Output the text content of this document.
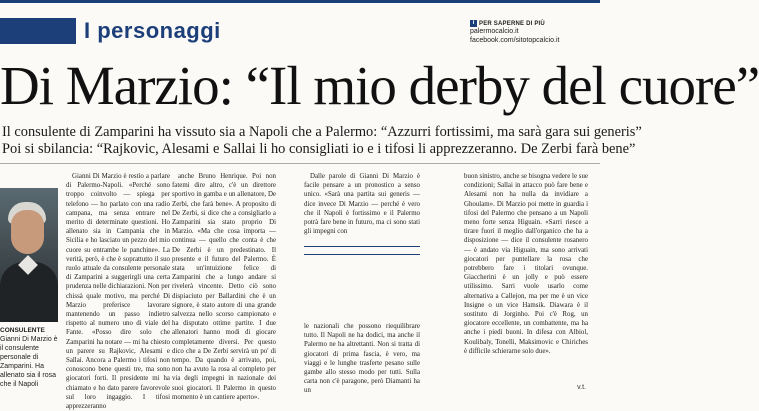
I personaggi	i PER SAPERNE DI PIÙ
palermocalcio.it
facebook.com/sitotopcalcio.it
Di Marzio: “Il mio derby del cuore”
Il consulente di Zamparini ha vissuto sia a Napoli che a Palermo: “Azzurri fortissimi, ma sarà gara sui generis”
Poi si sbilancia: “Rajkovic, Alesami e Sallai li ho consigliati io e i tifosi li apprezzeranno. De Zerbi farà bene”
CONSULENTE
Gianni Di Marzio è il consulente personale di Zamparini. Ha allenato sia il rosa che il Napoli

Gianni Di Marzio è restìo a parlare di Palermo-Napoli. «Perché sono troppo coinvolto — spiega per telefono — ho parlato con una radio campana, ma senza entrare nel merito di determinate questioni. Ho allenato sia in Campania che in Sicilia e ho lasciato un pezzo del mio cuore su entrambe le panchine». La verità, però, è che è soprattutto il suo ruolo attuale da consulente personale di Zamparini a suggerirgli una certa prudenza nelle dichiarazioni. Non per chissà quale motivo, ma perché Di Marzio preferisce lavorare mantenendo un passo indietro rispetto al numero uno di viale del Fante. «Posso dire solo che Zamparini ha notare — mi ha chiesto un parere su Rajkovic, Alesami e Sallai. Ancora a Palermo i tifosi non conoscono bene questi tre, ma sono giocatori forti. Il presidente mi ha chiamato e ho dato parere favorevole sul loro ingaggio. I tifosi apprezzeranno

anche Bruno Henrique. Poi non fatemi dire altro, c'è un direttore sportivo in gamba e un allenatore, De Zerbi, che farà bene». A proposito di De Zerbi, si dice che a consigliarlo a Zamparini sia stato proprio Di Marzio. «Ma che cosa importa — continua — quello che conta è che De Zerbi è un predestinato. Il presente e il futuro del Palermo. È stata un'intuizione felice di Zamparini che a lungo andare si rivelerà vincente. Detto ciò sono dispiaciuto per Ballardini che è un signore, è stato autore di una grande salvezza nello scorso campionato e ha disputato ottime partite. I due allenatori hanno modi di giocare completamente diversi. Per questo dico che a De Zerbi servirà un po' di tempo. Da quando è arrivato, poi, non ha avuto la rosa al completo per via degli impegni in nazionale dei suoi giocatori. Il Palermo in questo momento è un cantiere aperto».

Dalle parole di Gianni Di Marzio è facile pensare a un pronostico a senso unico. «Sarà una partita sui generis — dice invece Di Marzio — perché è vero che il Napoli è fortissimo e il Palermo potrà fare bene in futuro, ma ci sono stati gli impegni con

le nazionali che possono riequilibrare tutto. Il Napoli ne ha dodici, ma anche il Palermo ne ha altrettanti. Non si tratta di giocatori di prima fascia, è vero, ma viaggi e le lunghe trasferte pesano sulle gambe allo stesso modo per tutti. Sulla carta non c'è paragone, però Diamanti ha un

buon sinistro, anche se bisogna vedere le sue condizioni; Sallai in attacco può fare bene e Alesami non ha nulla da invidiare a Ghoulam». Di Marzio poi mette in guardia i tifosi del Palermo che pensano a un Napoli meno forte senza Higuain. «Sarri riesce a tirare fuori il meglio dall'organico che ha a disposizione — dice il consulente rosanero — è andato via Higuain, ma sono arrivati giocatori per puntellare la rosa che potrebbero fare i titolari ovunque. Giaccherini è un jolly e può essere utilissimo. Sarri vuole usarlo come alternativa a Callejon, ma per me è un vice Insigne o un vice Hamsik. Diawara è il sostituto di Jorginho. Poi c'è Rog, un giocatore eccellente, un combattente, ma ha anche i piedi buoni. In difesa con Albiol, Koulibaly, Tonelli, Maksimovic e Chiriches è difficile schierarne solo due».

v.t.
